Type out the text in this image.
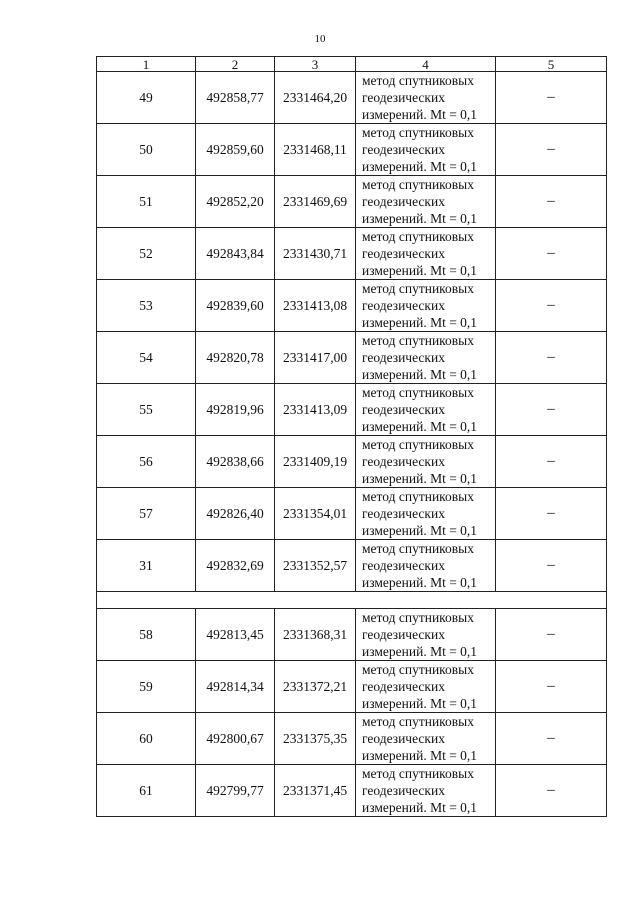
10
1	2	3	4	5
49	492858,77	2331464,20	метод спутниковых
геодезических
измерений. Mt = 0,1	–
50	492859,60	2331468,11	метод спутниковых
геодезических
измерений. Mt = 0,1	–
51	492852,20	2331469,69	метод спутниковых
геодезических
измерений. Mt = 0,1	–
52	492843,84	2331430,71	метод спутниковых
геодезических
измерений. Mt = 0,1	–
53	492839,60	2331413,08	метод спутниковых
геодезических
измерений. Mt = 0,1	–
54	492820,78	2331417,00	метод спутниковых
геодезических
измерений. Mt = 0,1	–
55	492819,96	2331413,09	метод спутниковых
геодезических
измерений. Mt = 0,1	–
56	492838,66	2331409,19	метод спутниковых
геодезических
измерений. Mt = 0,1	–
57	492826,40	2331354,01	метод спутниковых
геодезических
измерений. Mt = 0,1	–
31	492832,69	2331352,57	метод спутниковых
геодезических
измерений. Mt = 0,1	–

58	492813,45	2331368,31	метод спутниковых
геодезических
измерений. Mt = 0,1	–
59	492814,34	2331372,21	метод спутниковых
геодезических
измерений. Mt = 0,1	–
60	492800,67	2331375,35	метод спутниковых
геодезических
измерений. Mt = 0,1	–
61	492799,77	2331371,45	метод спутниковых
геодезических
измерений. Mt = 0,1	–
